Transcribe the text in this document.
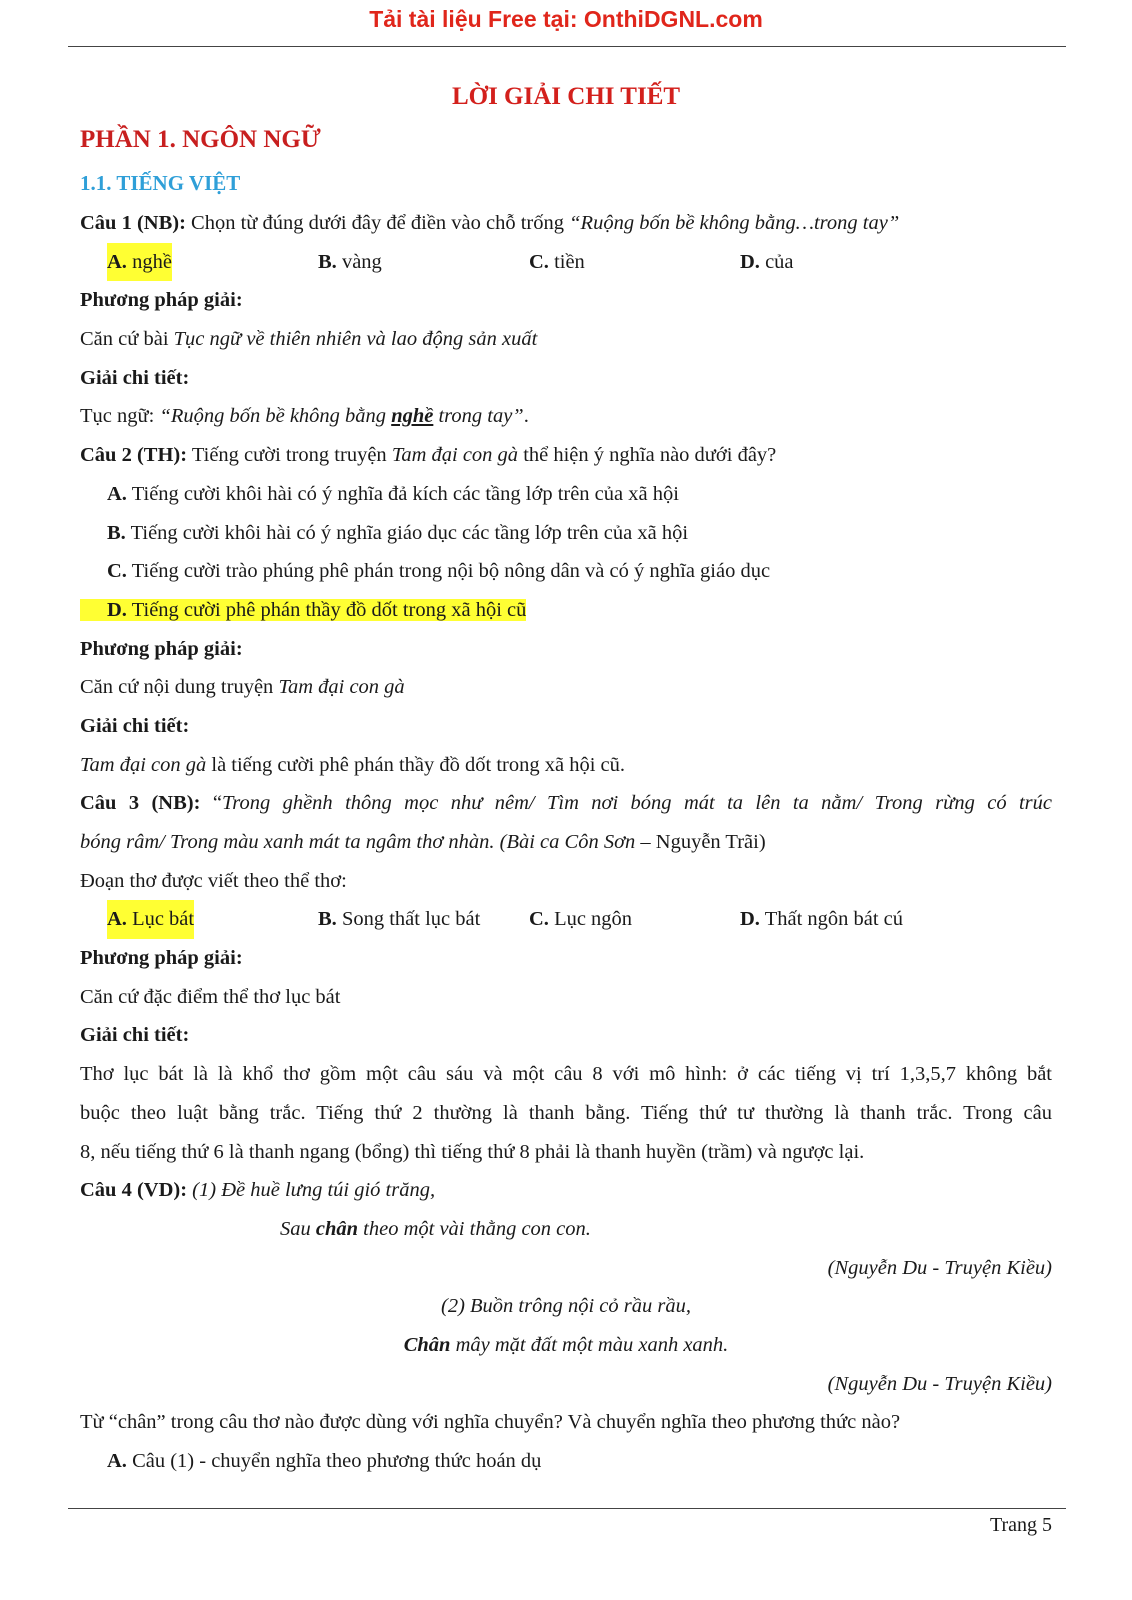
Tải tài liệu Free tại: OnthiDGNL.com
LỜI GIẢI CHI TIẾT
PHẦN 1. NGÔN NGỮ
1.1. TIẾNG VIỆT
Câu 1 (NB): Chọn từ đúng dưới đây để điền vào chỗ trống “Ruộng bốn bề không bằng…trong tay”
A. nghề	B. vàng	C. tiền	D. của
Phương pháp giải:
Căn cứ bài Tục ngữ về thiên nhiên và lao động sản xuất
Giải chi tiết:
Tục ngữ: “Ruộng bốn bề không bằng nghề trong tay”.
Câu 2 (TH): Tiếng cười trong truyện Tam đại con gà thể hiện ý nghĩa nào dưới đây?
A. Tiếng cười khôi hài có ý nghĩa đả kích các tầng lớp trên của xã hội
B. Tiếng cười khôi hài có ý nghĩa giáo dục các tầng lớp trên của xã hội
C. Tiếng cười trào phúng phê phán trong nội bộ nông dân và có ý nghĩa giáo dục
D. Tiếng cười phê phán thầy đồ dốt trong xã hội cũ
Phương pháp giải:
Căn cứ nội dung truyện Tam đại con gà
Giải chi tiết:
Tam đại con gà là tiếng cười phê phán thầy đồ dốt trong xã hội cũ.
Câu 3 (NB): “Trong ghềnh thông mọc như nêm/ Tìm nơi bóng mát ta lên ta nằm/ Trong rừng có trúc
bóng râm/ Trong màu xanh mát ta ngâm thơ nhàn. (Bài ca Côn Sơn – Nguyễn Trãi)
Đoạn thơ được viết theo thể thơ:
A. Lục bát	B. Song thất lục bát C. Lục ngôn	D. Thất ngôn bát cú
Phương pháp giải:
Căn cứ đặc điểm thể thơ lục bát
Giải chi tiết:
Thơ lục bát là là khổ thơ gồm một câu sáu và một câu 8 với mô hình: ở các tiếng vị trí 1,3,5,7 không bắt
buộc theo luật bằng trắc. Tiếng thứ 2 thường là thanh bằng. Tiếng thứ tư thường là thanh trắc. Trong câu
8, nếu tiếng thứ 6 là thanh ngang (bổng) thì tiếng thứ 8 phải là thanh huyền (trầm) và ngược lại.
Câu 4 (VD): (1) Đề huề lưng túi gió trăng,
Sau chân theo một vài thằng con con.
(Nguyễn Du - Truyện Kiều)
(2) Buồn trông nội cỏ rầu rầu,
Chân mây mặt đất một màu xanh xanh.
(Nguyễn Du - Truyện Kiều)
Từ “chân” trong câu thơ nào được dùng với nghĩa chuyển? Và chuyển nghĩa theo phương thức nào?
A. Câu (1) - chuyển nghĩa theo phương thức hoán dụ
Trang 5
